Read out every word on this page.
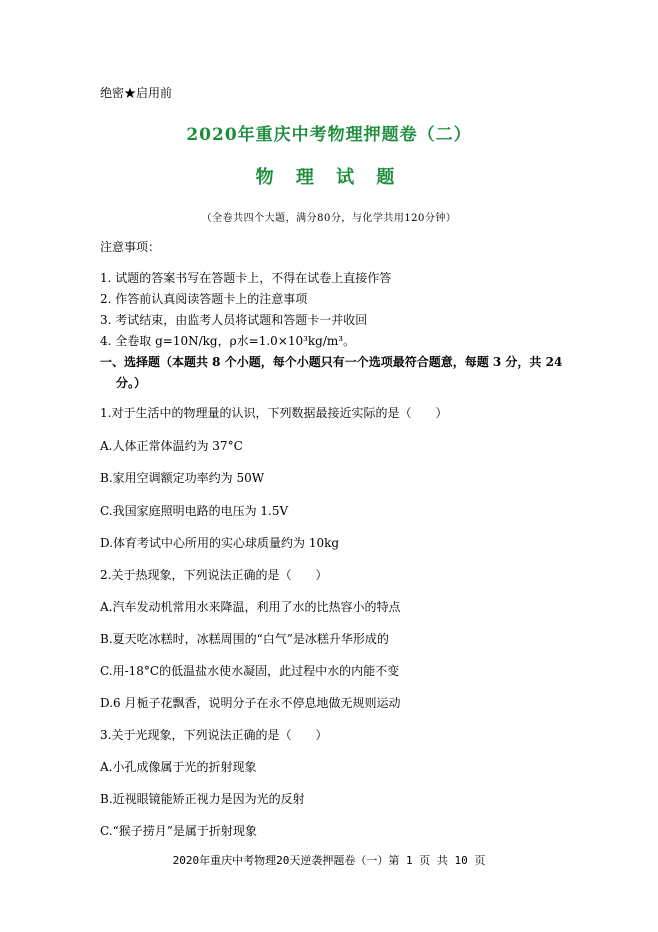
绝密★启用前
2020年重庆中考物理押题卷（二）
物 理 试 题
（全卷共四个大题，满分80分，与化学共用120分钟）
注意事项：
1. 试题的答案书写在答题卡上，不得在试卷上直接作答
2. 作答前认真阅读答题卡上的注意事项
3. 考试结束，由监考人员将试题和答题卡一并收回
4. 全卷取 g=10N/kg，ρ水=1.0×10³kg/m³。
一、选择题（本题共 8 个小题，每个小题只有一个选项最符合题意，每题 3 分，共 24
分。）
1.对于生活中的物理量的认识，下列数据最接近实际的是（　　）
A.人体正常体温约为 37°C
B.家用空调额定功率约为 50W
C.我国家庭照明电路的电压为 1.5V
D.体育考试中心所用的实心球质量约为 10kg
2.关于热现象，下列说法正确的是（　　）
A.汽车发动机常用水来降温，利用了水的比热容小的特点
B.夏天吃冰糕时，冰糕周围的“白气”是冰糕升华形成的
C.用-18°C的低温盐水使水凝固，此过程中水的内能不变
D.6 月栀子花飘香，说明分子在永不停息地做无规则运动
3.关于光现象，下列说法正确的是（　　）
A.小孔成像属于光的折射现象
B.近视眼镜能矫正视力是因为光的反射
C.“猴子捞月”是属于折射现象
2020年重庆中考物理20天逆袭押题卷（一）第 1 页 共 10 页
